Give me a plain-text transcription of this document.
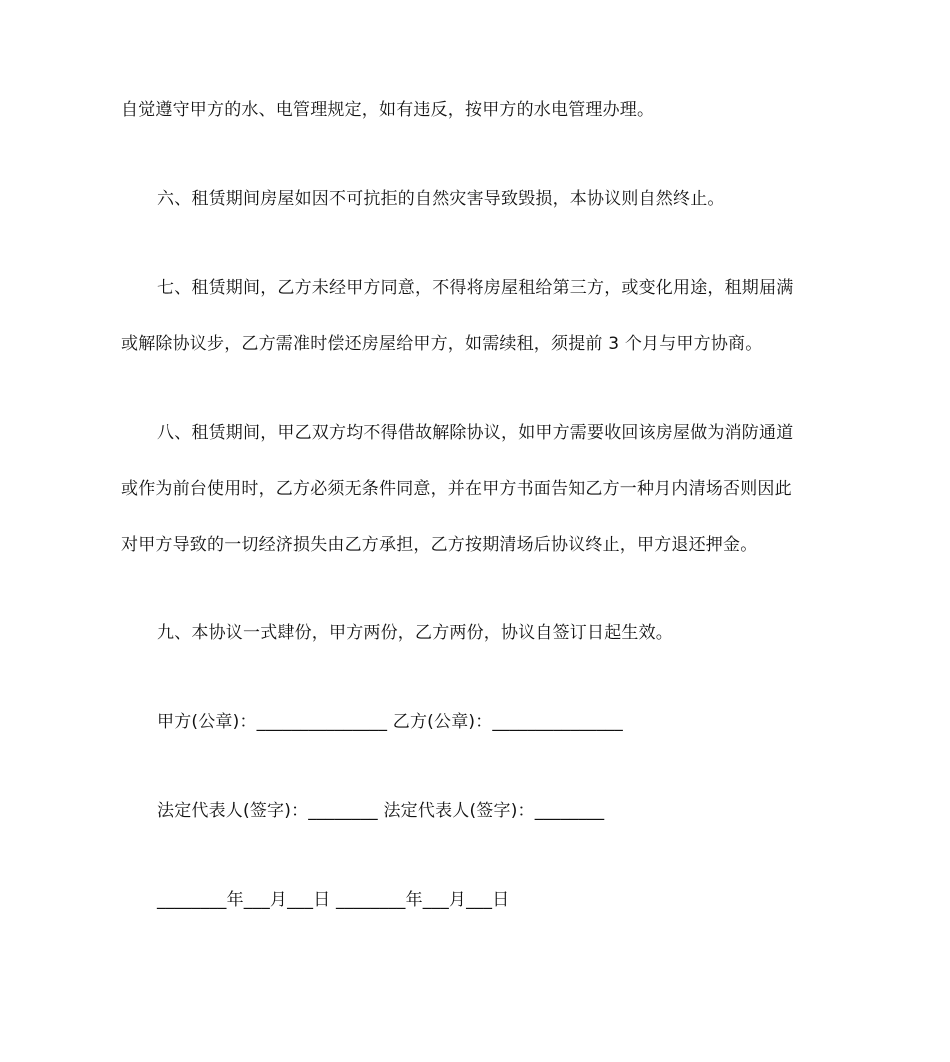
自觉遵守甲方的水、电管理规定，如有违反，按甲方的水电管理办理。
六、租赁期间房屋如因不可抗拒的自然灾害导致毁损，本协议则自然终止。
七、租赁期间，乙方未经甲方同意，不得将房屋租给第三方，或变化用途，租期届满
或解除协议步，乙方需准时偿还房屋给甲方，如需续租，须提前 3 个月与甲方协商。
八、租赁期间，甲乙双方均不得借故解除协议，如甲方需要收回该房屋做为消防通道
或作为前台使用时，乙方必须无条件同意，并在甲方书面告知乙方一种月内清场否则因此
对甲方导致的一切经济损失由乙方承担，乙方按期清场后协议终止，甲方退还押金。
九、本协议一式肆份，甲方两份，乙方两份，协议自签订日起生效。
甲方(公章)：_______________ 乙方(公章)：_______________
法定代表人(签字)：________ 法定代表人(签字)：________
________年___月___日 ________年___月___日
